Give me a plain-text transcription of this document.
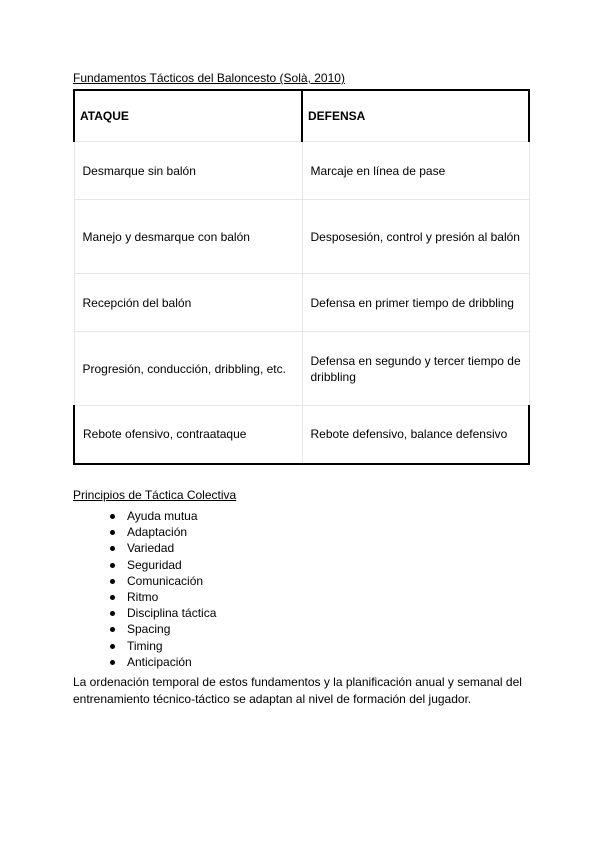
Fundamentos Tácticos del Baloncesto (Solà, 2010)
ATAQUE	DEFENSA
Desmarque sin balón	Marcaje en línea de pase
Manejo y desmarque con balón	Desposesión, control y presión al balón
Recepción del balón	Defensa en primer tiempo de dribbling
Progresión, conducción, dribbling, etc.	Defensa en segundo y tercer tiempo de dribbling
Rebote ofensivo, contraataque	Rebote defensivo, balance defensivo
Principios de Táctica Colectiva
Ayuda mutua
Adaptación
Variedad
Seguridad
Comunicación
Ritmo
Disciplina táctica
Spacing
Timing
Anticipación
La ordenación temporal de estos fundamentos y la planificación anual y semanal del entrenamiento técnico-táctico se adaptan al nivel de formación del jugador.
